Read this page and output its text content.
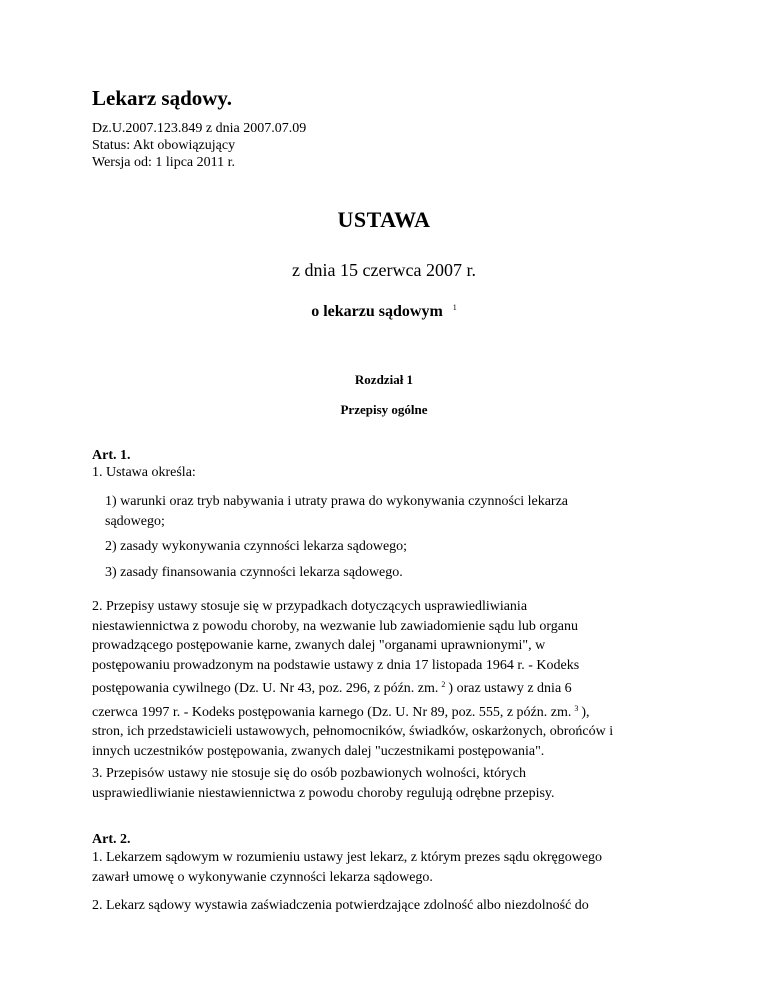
Lekarz sądowy.
Dz.U.2007.123.849 z dnia 2007.07.09
Status: Akt obowiązujący
Wersja od: 1 lipca 2011 r.
USTAWA
z dnia 15 czerwca 2007 r.
o lekarzu sądowym $^1$
Rozdział 1
Przepisy ogólne
Art. 1.
1. Ustawa określa:
1) warunki oraz tryb nabywania i utraty prawa do wykonywania czynności lekarza
sądowego;
2) zasady wykonywania czynności lekarza sądowego;
3) zasady finansowania czynności lekarza sądowego.
2. Przepisy ustawy stosuje się w przypadkach dotyczących usprawiedliwiania
niestawiennictwa z powodu choroby, na wezwanie lub zawiadomienie sądu lub organu
prowadzącego postępowanie karne, zwanych dalej "organami uprawnionymi", w
postępowaniu prowadzonym na podstawie ustawy z dnia 17 listopada 1964 r. - Kodeks
postępowania cywilnego (Dz. U. Nr 43, poz. 296, z późn. zm. $^2$ ) oraz ustawy z dnia 6
czerwca 1997 r. - Kodeks postępowania karnego (Dz. U. Nr 89, poz. 555, z późn. zm. $^3$ ),
stron, ich przedstawicieli ustawowych, pełnomocników, świadków, oskarżonych, obrońców i
innych uczestników postępowania, zwanych dalej "uczestnikami postępowania".
3. Przepisów ustawy nie stosuje się do osób pozbawionych wolności, których
usprawiedliwianie niestawiennictwa z powodu choroby regulują odrębne przepisy.
Art. 2.
1. Lekarzem sądowym w rozumieniu ustawy jest lekarz, z którym prezes sądu okręgowego
zawarł umowę o wykonywanie czynności lekarza sądowego.
2. Lekarz sądowy wystawia zaświadczenia potwierdzające zdolność albo niezdolność do
